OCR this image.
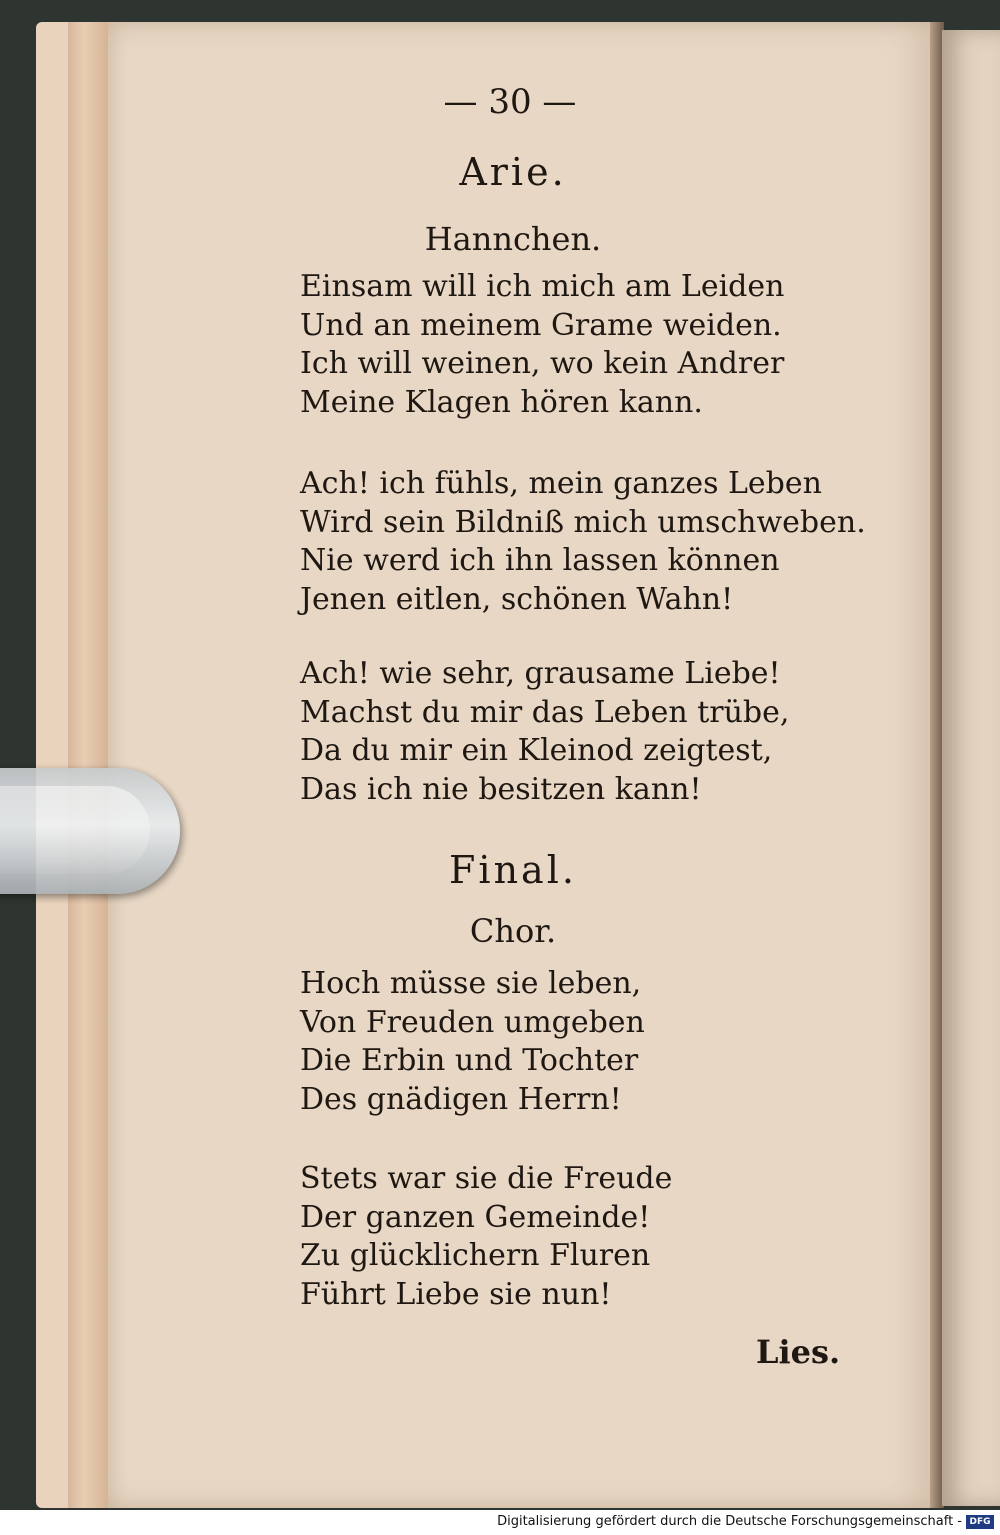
— 30 —
Arie.
Hannchen.
Einsam will ich mich am Leiden
Und an meinem Grame weiden.
Ich will weinen, wo kein Andrer
Meine Klagen hören kann.
Ach! ich fühls, mein ganzes Leben
Wird sein Bildniß mich umschweben.
Nie werd ich ihn lassen können
Jenen eitlen, schönen Wahn!
Ach! wie sehr, grausame Liebe!
Machst du mir das Leben trübe,
Da du mir ein Kleinod zeigtest,
Das ich nie besitzen kann!
Final.
Chor.
Hoch müsse sie leben,
Von Freuden umgeben
Die Erbin und Tochter
Des gnädigen Herrn!
Stets war sie die Freude
Der ganzen Gemeinde!
Zu glücklichern Fluren
Führt Liebe sie nun!
Lies.
Digitalisierung gefördert durch die Deutsche Forschungsgemeinschaft - DFG
